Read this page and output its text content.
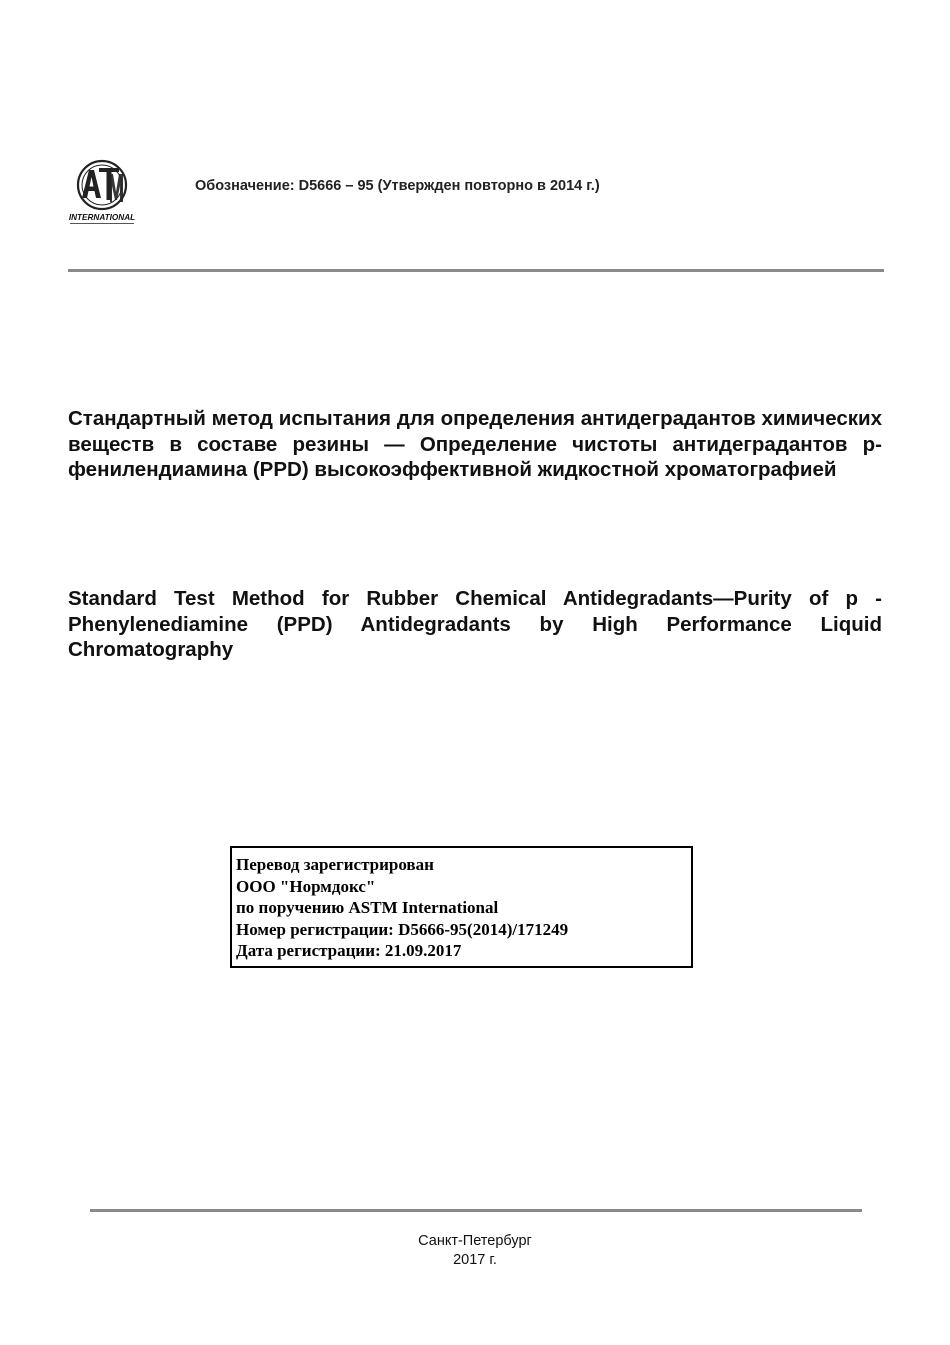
INTERNATIONAL
Обозначение: D5666 – 95 (Утвержден повторно в 2014 г.)

Стандартный метод испытания для определения антидеградантов химических веществ в составе резины — Определение чистоты антидеградантов p-фенилендиамина (PPD) высокоэффективной жидкостной хроматографией

Standard Test Method for Rubber Chemical Antidegradants—Purity of p -Phenylenediamine (PPD) Antidegradants by High Performance Liquid Chromatography

Перевод зарегистрирован
ООО "Нормдокс"
по поручению ASTM International
Номер регистрации: D5666-95(2014)/171249
Дата регистрации: 21.09.2017
Санкт-Петербург
2017 г.
